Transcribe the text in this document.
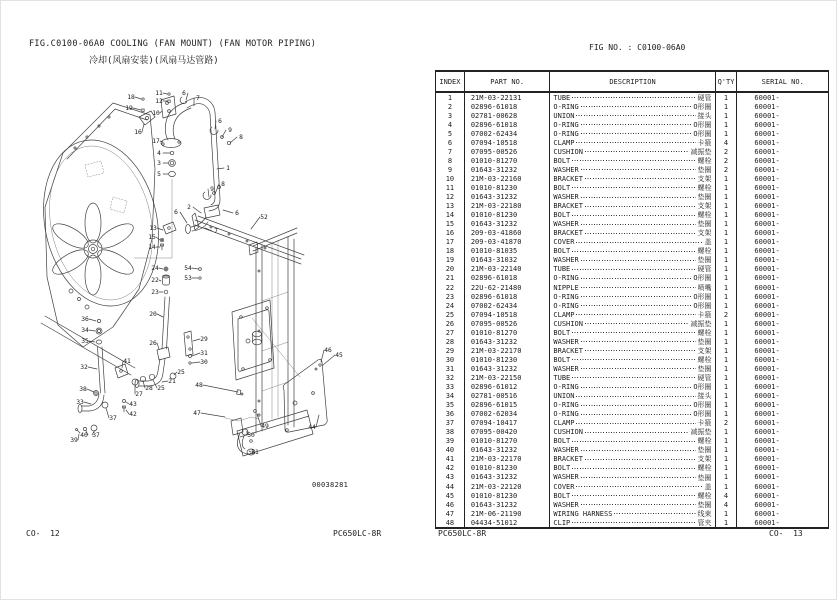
FIG.C0100-06A0 COOLING (FAN MOUNT) (FAN MOTOR PIPING)
冷却(风扇安装)(风扇马达管路)
FIG NO. : C0100-06A0
11
12
6
7
18
19
10
16
17
4
3
5
6
9
8
1
8
9
2
6	6
13
15
14
7
52
24
22
23
54
53
36
34
35
20
26
29
31
30
32
41
25
21
28 25
27
38
33	43
42
37
39
40 37
48
47
49
50
51
46
45
44
00038281
INDEX	PART NO.	DESCRIPTION	Q'TY	SERIAL NO.
1	21M-03-22131	TUBE	硬管	1	60001-
2	02896-61018	O-RING	O形圈	1	60001-
3	02781-00628	UNION	接头	1	60001-
4	02896-61018	O-RING	O形圈	1	60001-
5	07002-62434	O-RING	O形圈	1	60001-
6	07094-10518	CLAMP	卡箍	4	60001-
7	07095-00526	CUSHION	减振垫	2	60001-
8	01010-81270	BOLT	螺栓	2	60001-
9	01643-31232	WASHER	垫圈	2	60001-
10	21M-03-22160	BRACKET	支架	1	60001-
11	01010-81230	BOLT	螺栓	1	60001-
12	01643-31232	WASHER	垫圈	1	60001-
13	21M-03-22180	BRACKET	支架	1	60001-
14	01010-81230	BOLT	螺栓	1	60001-
15	01643-31232	WASHER	垫圈	1	60001-
16	209-03-41860	BRACKET	支架	1	60001-
17	209-03-41870	COVER	盖	1	60001-
18	01010-81035	BOLT	螺栓	1	60001-
19	01643-31032	WASHER	垫圈	1	60001-
20	21M-03-22140	TUBE	硬管	1	60001-
21	02896-61018	O-RING	O形圈	1	60001-
22	22U-62-21480	NIPPLE	喷嘴	1	60001-
23	02896-61018	O-RING	O形圈	1	60001-
24	07002-62434	O-RING	O形圈	1	60001-
25	07094-10518	CLAMP	卡箍	2	60001-
26	07095-00526	CUSHION	减振垫	1	60001-
27	01010-81270	BOLT	螺栓	1	60001-
28	01643-31232	WASHER	垫圈	1	60001-
29	21M-03-22170	BRACKET	支架	1	60001-
30	01010-81230	BOLT	螺栓	1	60001-
31	01643-31232	WASHER	垫圈	1	60001-
32	21M-03-22150	TUBE	硬管	1	60001-
33	02896-61012	O-RING	O形圈	1	60001-
34	02781-00516	UNION	接头	1	60001-
35	02896-61015	O-RING	O形圈	1	60001-
36	07002-62034	O-RING	O形圈	1	60001-
37	07094-10417	CLAMP	卡箍	2	60001-
38	07095-00420	CUSHION	减振垫	1	60001-
39	01010-81270	BOLT	螺栓	1	60001-
40	01643-31232	WASHER	垫圈	1	60001-
41	21M-03-22170	BRACKET	支架	1	60001-
42	01010-81230	BOLT	螺栓	1	60001-
43	01643-31232	WASHER	垫圈	1	60001-
44	21M-03-22120	COVER	盖	1	60001-
45	01010-81230	BOLT	螺栓	4	60001-
46	01643-31232	WASHER	垫圈	4	60001-
47	21M-06-21190	WIRING HARNESS	线束	1	60001-
48	04434-51012	CLIP	管夹	1	60001-
CO-  12	PC650LC-8R	PC650LC-8R	CO-  13
